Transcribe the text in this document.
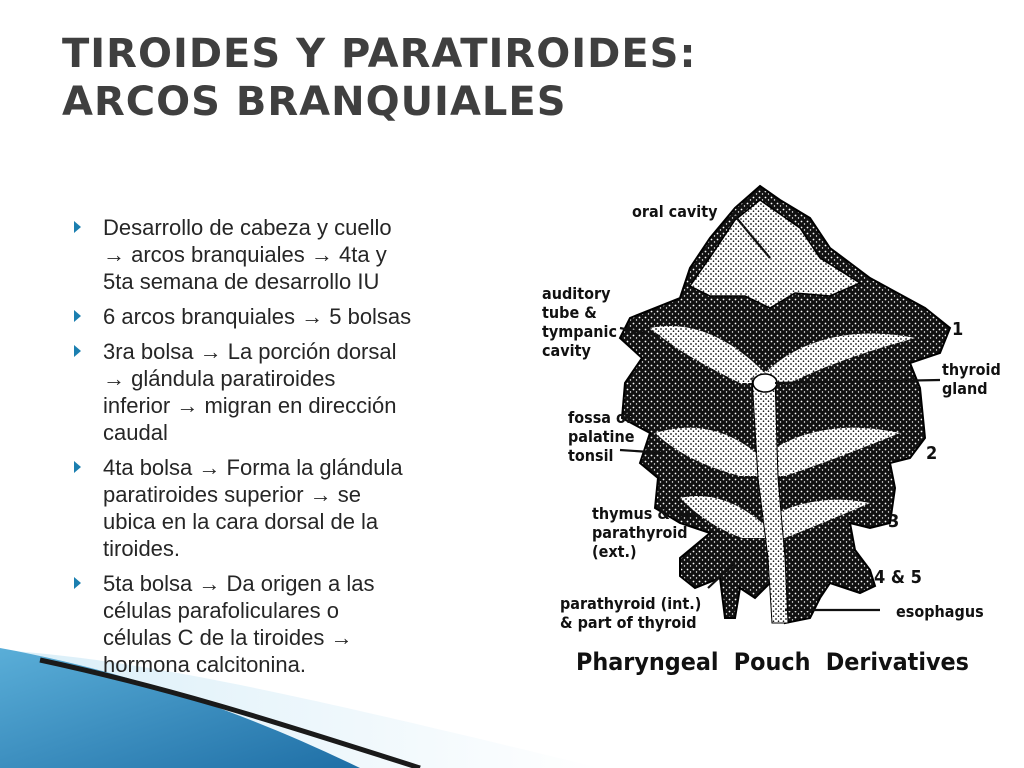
TIROIDES Y PARATIROIDES:
ARCOS BRANQUIALES
Desarrollo de cabeza y cuello
→ arcos branquiales → 4ta y
5ta semana de desarrollo IU
6 arcos branquiales → 5 bolsas
3ra bolsa → La porción dorsal
→ glándula paratiroides
inferior → migran en dirección
caudal
4ta bolsa → Forma la glándula
paratiroides superior → se
ubica en la cara dorsal de la
tiroides.
5ta bolsa → Da origen a las
células parafoliculares o
células C de la tiroides →
hormona calcitonina.
oral cavity
auditory
tube &
tympanic
cavity
fossa of
palatine
tonsil
thymus &
parathyroid
(ext.)
parathyroid (int.)
& part of thyroid
thyroid
gland
esophagus
1
2
3
4 & 5
Pharyngeal Pouch Derivatives
